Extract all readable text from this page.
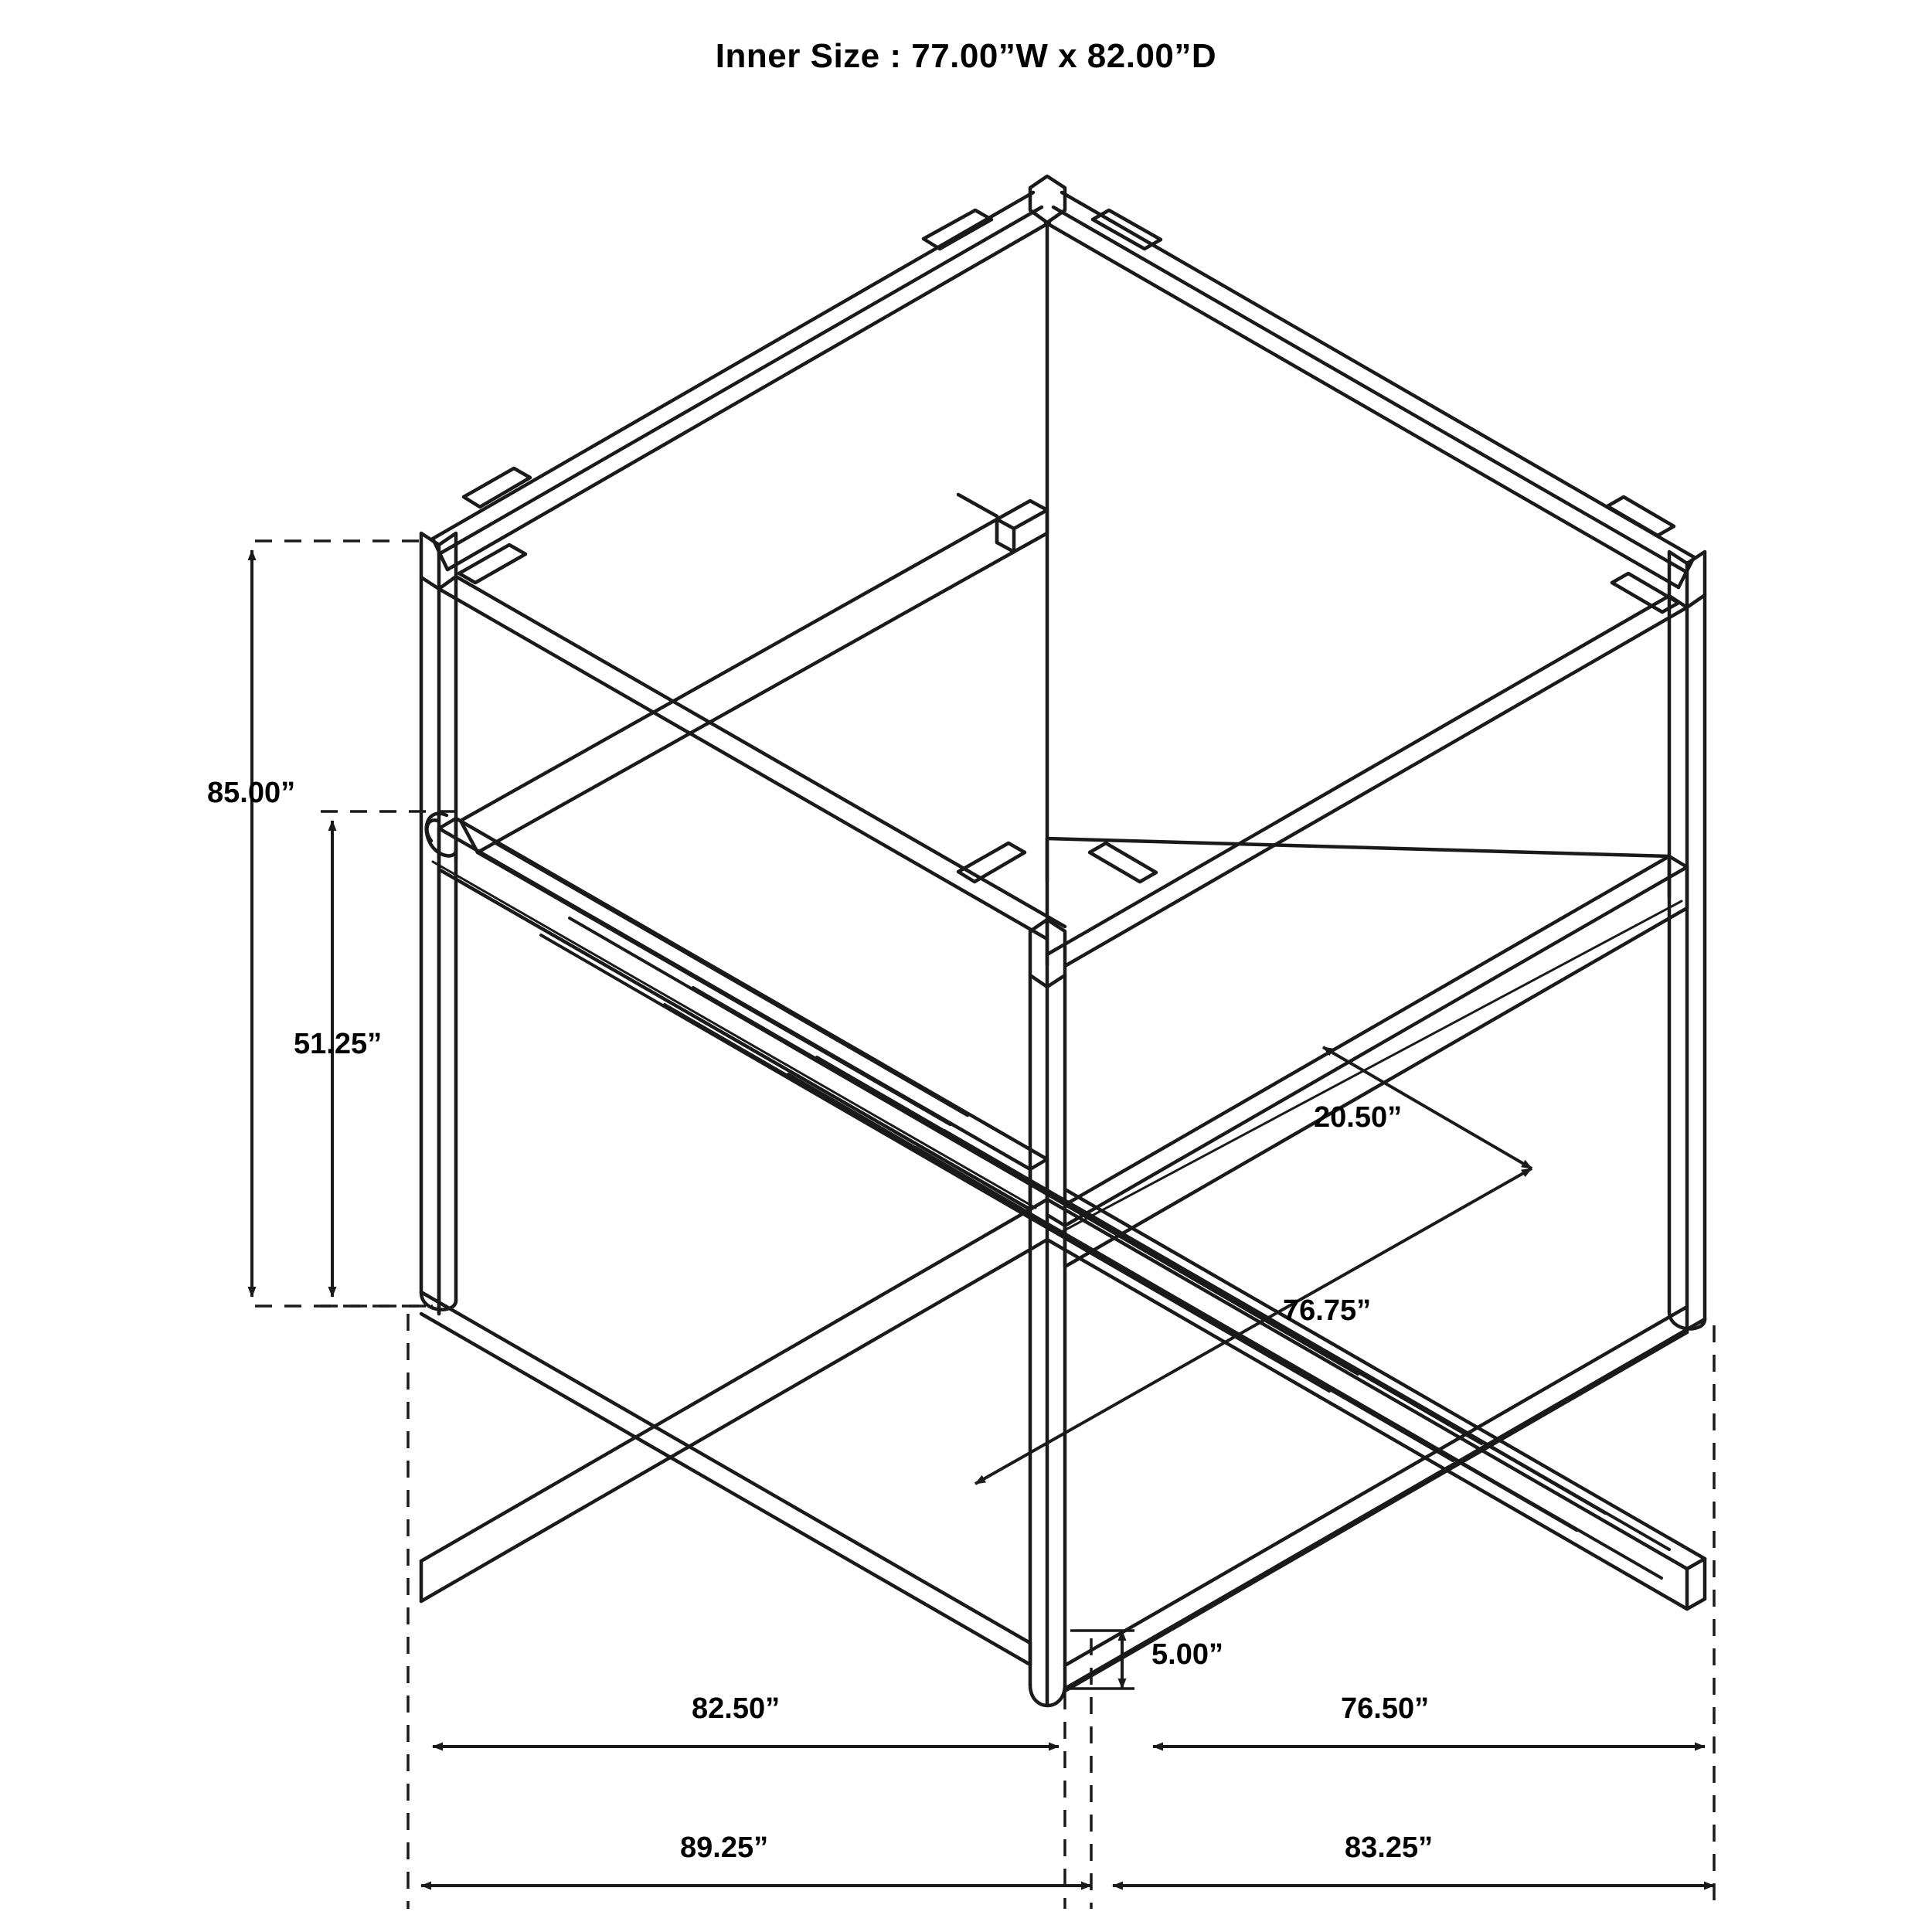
Inner Size : 77.00”W x 82.00”D
85.00”
51.25”
20.50”
76.75”
5.00”
82.50”	76.50”
89.25”	83.25”
